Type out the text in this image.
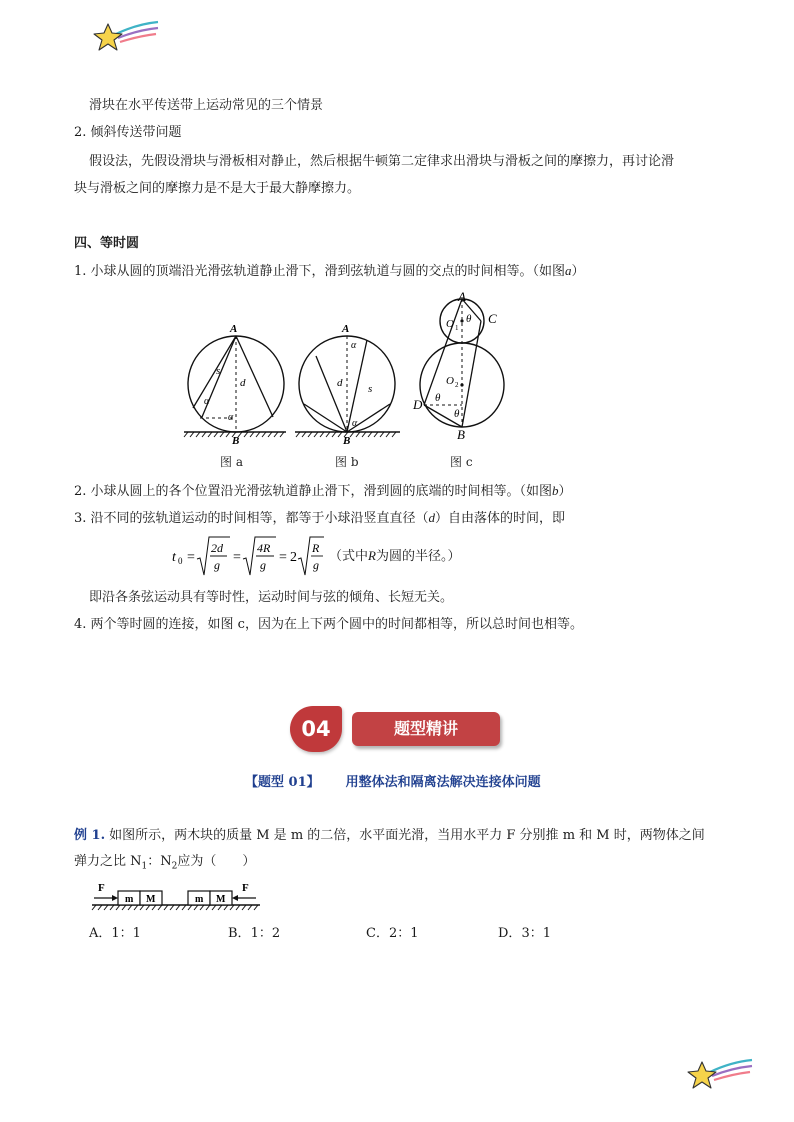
滑块在水平传送带上运动常见的三个情景
2. 倾斜传送带问题
假设法，先假设滑块与滑板相对静止，然后根据牛顿第二定律求出滑块与滑板之间的摩擦力，再讨论滑
块与滑板之间的摩擦力是不是大于最大静摩擦力。
四、等时圆
1. 小球从圆的顶端沿光滑弦轨道静止滑下，滑到弦轨道与圆的交点的时间相等。（如图a）
A
B
s
d
α
α
A
B
d s
α
α
A
C
θ
O 1
O 2
D θ
θ
B
图 a	图 b	图 c
2. 小球从圆上的各个位置沿光滑弦轨道静止滑下，滑到圆的底端的时间相等。（如图b）
3. 沿不同的弦轨道运动的时间相等，都等于小球沿竖直直径（d）自由落体的时间，即
t 0 =
2d
g =
4R
g = 2
R
g
（式中R为圆的半径。）
即沿各条弦运动具有等时性，运动时间与弦的倾角、长短无关。
4. 两个等时圆的连接，如图 c，因为在上下两个圆中的时间都相等，所以总时间也相等。
04	题型精讲
【题型 01】 用整体法和隔离法解决连接体问题
例 1. 如图所示，两木块的质量 M 是 m 的二倍，水平面光滑，当用水平力 F 分别推 m 和 M 时，两物体之间
弹力之比 $N_1$：$N_2$应为（　　）
F
m M	m M
F
A．1：1	B．1：2	C．2：1	D．3：1
